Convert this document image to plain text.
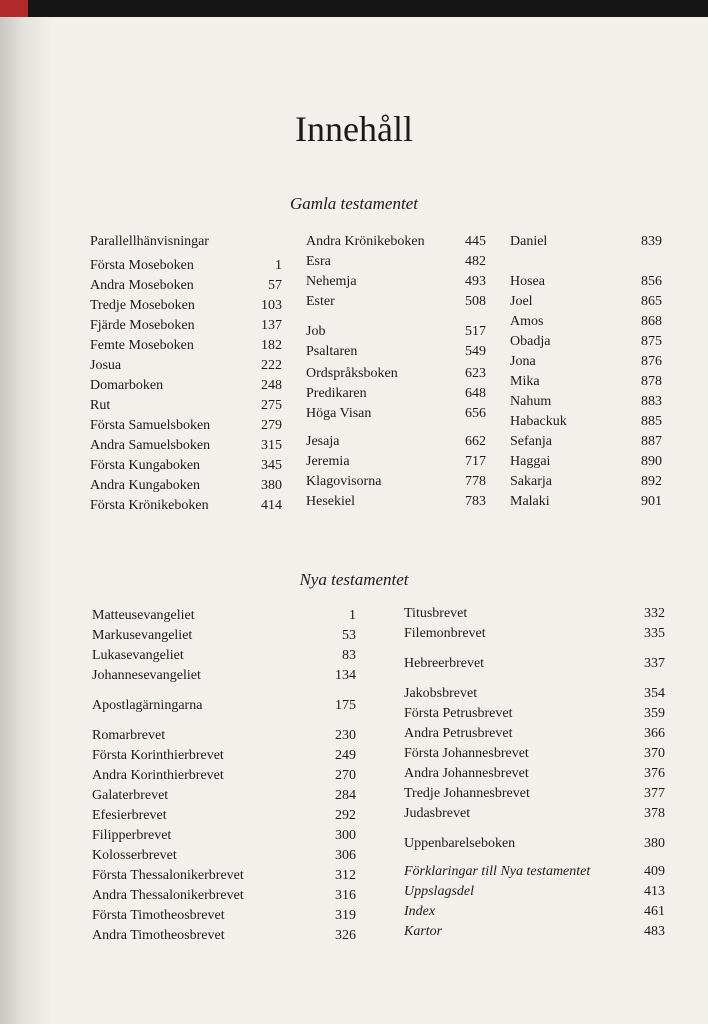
Innehåll
Gamla testamentet
Nya testamentet
Parallellhänvisningar
Första Moseboken	1
Andra Moseboken	57
Tredje Moseboken	103
Fjärde Moseboken	137
Femte Moseboken	182
Josua	222
Domarboken	248
Rut	275
Första Samuelsboken	279
Andra Samuelsboken	315
Första Kungaboken	345
Andra Kungaboken	380
Första Krönikeboken	414
Andra Krönikeboken	445
Esra	482
Nehemja	493
Ester	508
Job	517
Psaltaren	549
Ordspråksboken	623
Predikaren	648
Höga Visan	656
Jesaja	662
Jeremia	717
Klagovisorna	778
Hesekiel	783
Daniel	839
Hosea	856
Joel	865
Amos	868
Obadja	875
Jona	876
Mika	878
Nahum	883
Habackuk	885
Sefanja	887
Haggai	890
Sakarja	892
Malaki	901
Matteusevangeliet	1
Markusevangeliet	53
Lukasevangeliet	83
Johannesevangeliet	134
Apostlagärningarna	175
Romarbrevet	230
Första Korinthierbrevet	249
Andra Korinthierbrevet	270
Galaterbrevet	284
Efesierbrevet	292
Filipperbrevet	300
Kolosserbrevet	306
Första Thessalonikerbrevet	312
Andra Thessalonikerbrevet	316
Första Timotheosbrevet	319
Andra Timotheosbrevet	326
Titusbrevet	332
Filemonbrevet	335
Hebreerbrevet	337
Jakobsbrevet	354
Första Petrusbrevet	359
Andra Petrusbrevet	366
Första Johannesbrevet	370
Andra Johannesbrevet	376
Tredje Johannesbrevet	377
Judasbrevet	378
Uppenbarelseboken	380
Förklaringar till Nya testamentet	409
Uppslagsdel	413
Index	461
Kartor	483
